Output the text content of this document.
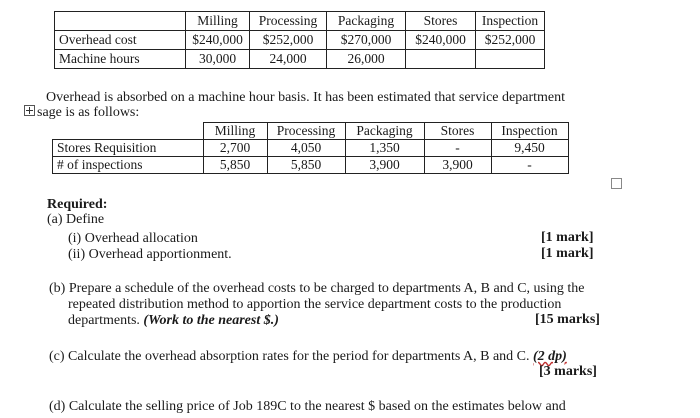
	Milling	Processing	Packaging	Stores	Inspection
Overhead cost	$240,000	$252,000	$270,000	$240,000	$252,000
Machine hours	30,000	24,000	26,000		
Overhead is absorbed on a machine hour basis. It has been estimated that service department
sage is as follows:
	Milling	Processing	Packaging	Stores	Inspection
Stores Requisition	2,700	4,050	1,350	-	9,450
# of inspections	5,850	5,850	3,900	3,900	-
Required:
(a) Define
(i) Overhead allocation	[1 mark]
(ii) Overhead apportionment.	[1 mark]
(b) Prepare a schedule of the overhead costs to be charged to departments A, B and C, using the
repeated distribution method to apportion the service department costs to the production
departments. (Work to the nearest $.)	[15 marks]
(c) Calculate the overhead absorption rates for the period for departments A, B and C. (2 dp)
[3 marks]
(d) Calculate the selling price of Job 189C to the nearest $ based on the estimates below and
